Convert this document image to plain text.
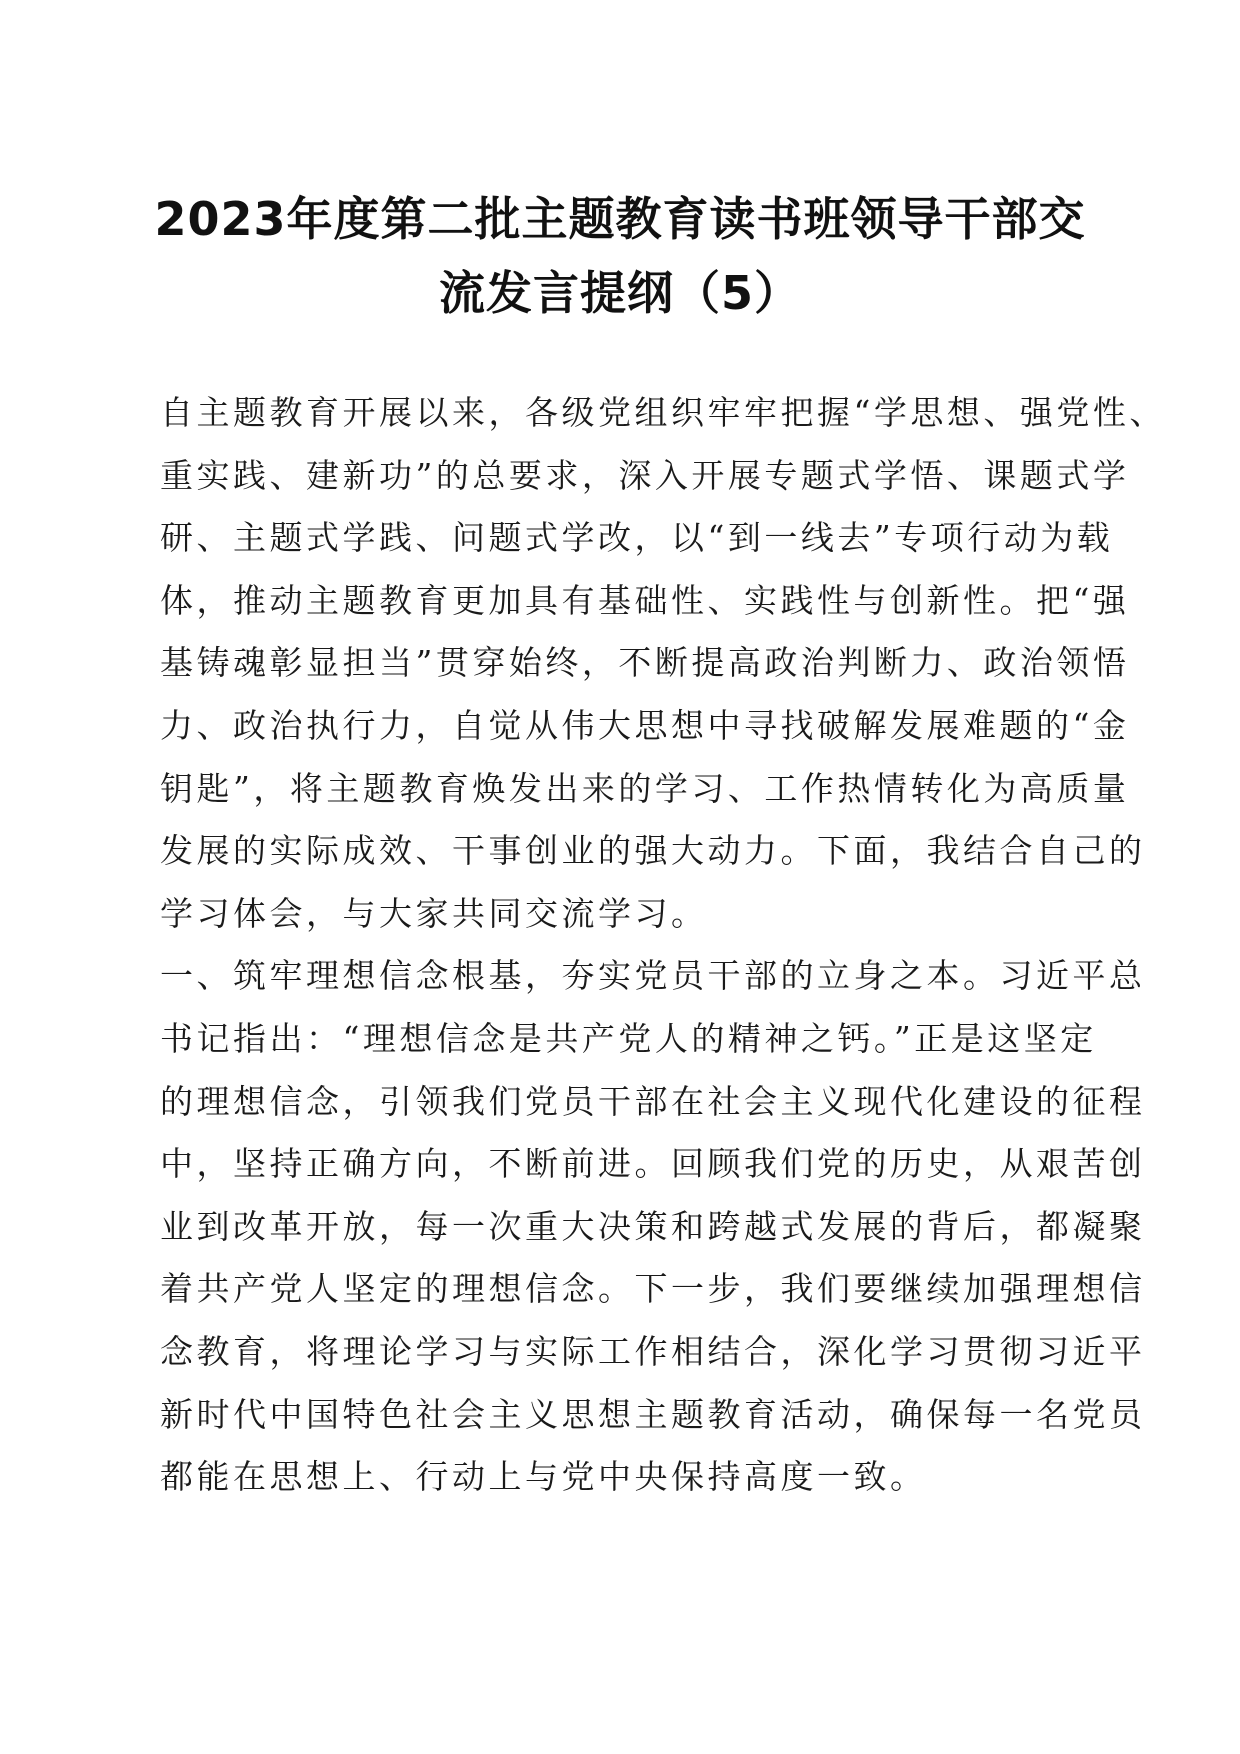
2023年度第二批主题教育读书班领导干部交
流发言提纲（5）
自主题教育开展以来，各级党组织牢牢把握“学思想、强党性、
重实践、建新功”的总要求，深入开展专题式学悟、课题式学
研、主题式学践、问题式学改，以“到一线去”专项行动为载
体，推动主题教育更加具有基础性、实践性与创新性。把“强
基铸魂彰显担当”贯穿始终，不断提高政治判断力、政治领悟
力、政治执行力，自觉从伟大思想中寻找破解发展难题的“金
钥匙”，将主题教育焕发出来的学习、工作热情转化为高质量
发展的实际成效、干事创业的强大动力。下面，我结合自己的
学习体会，与大家共同交流学习。
一、筑牢理想信念根基，夯实党员干部的立身之本。习近平总
书记指出：“理想信念是共产党人的精神之钙。”正是这坚定
的理想信念，引领我们党员干部在社会主义现代化建设的征程
中，坚持正确方向，不断前进。回顾我们党的历史，从艰苦创
业到改革开放，每一次重大决策和跨越式发展的背后，都凝聚
着共产党人坚定的理想信念。下一步，我们要继续加强理想信
念教育，将理论学习与实际工作相结合，深化学习贯彻习近平
新时代中国特色社会主义思想主题教育活动，确保每一名党员
都能在思想上、行动上与党中央保持高度一致。
